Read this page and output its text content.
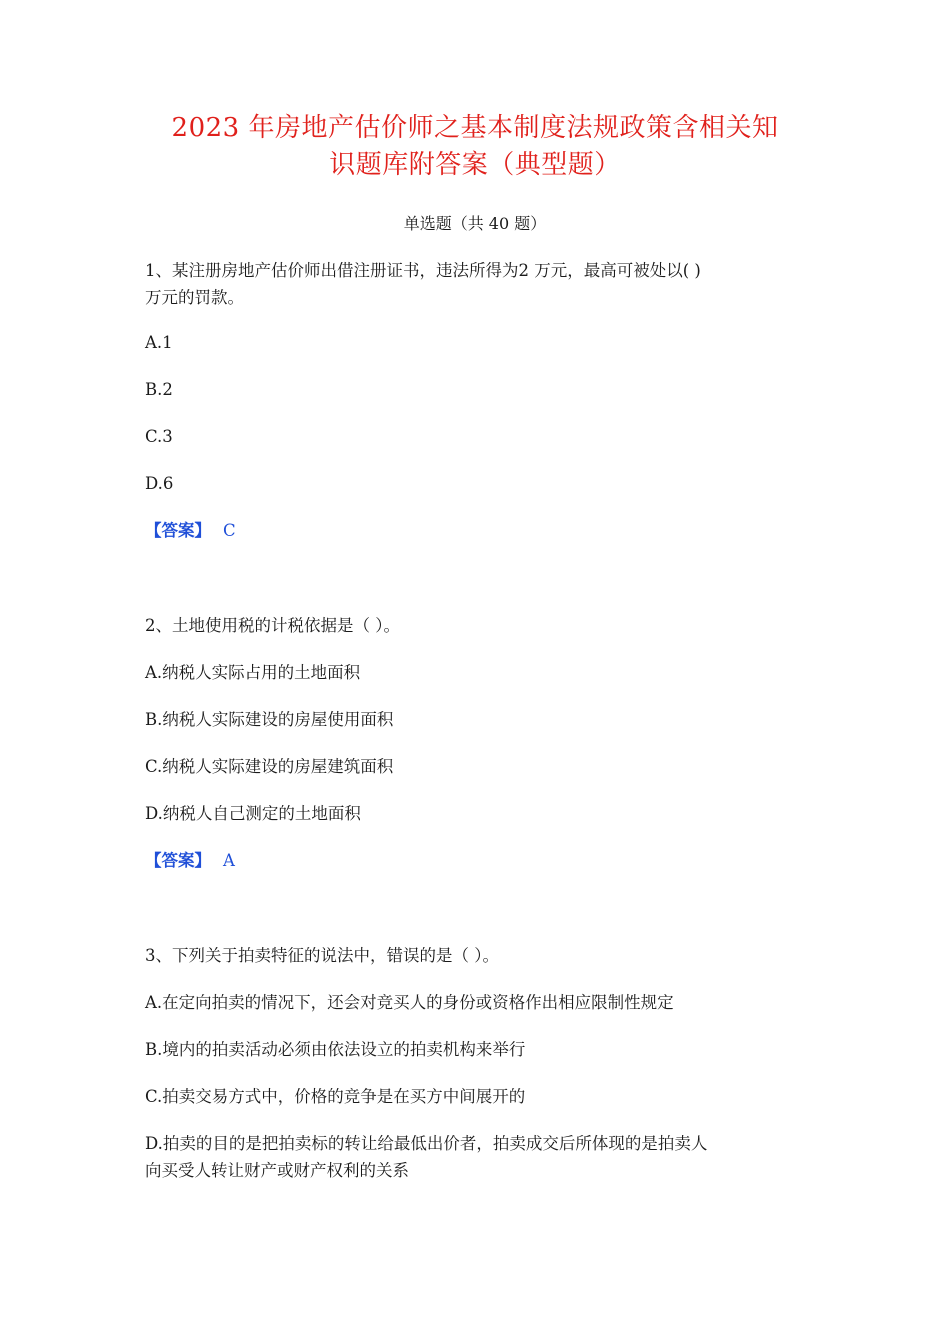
2023 年房地产估价师之基本制度法规政策含相关知
识题库附答案（典型题）
单选题（共 40 题）
1、某注册房地产估价师出借注册证书，违法所得为2 万元，最高可被处以( )
万元的罚款。
A.1
B.2
C.3
D.6
【答案】 C
2、土地使用税的计税依据是（ ）。
A.纳税人实际占用的土地面积
B.纳税人实际建设的房屋使用面积
C.纳税人实际建设的房屋建筑面积
D.纳税人自己测定的土地面积
【答案】 A
3、下列关于拍卖特征的说法中，错误的是（ ）。
A.在定向拍卖的情况下，还会对竞买人的身份或资格作出相应限制性规定
B.境内的拍卖活动必须由依法设立的拍卖机构来举行
C.拍卖交易方式中，价格的竞争是在买方中间展开的
D.拍卖的目的是把拍卖标的转让给最低出价者，拍卖成交后所体现的是拍卖人
向买受人转让财产或财产权利的关系
